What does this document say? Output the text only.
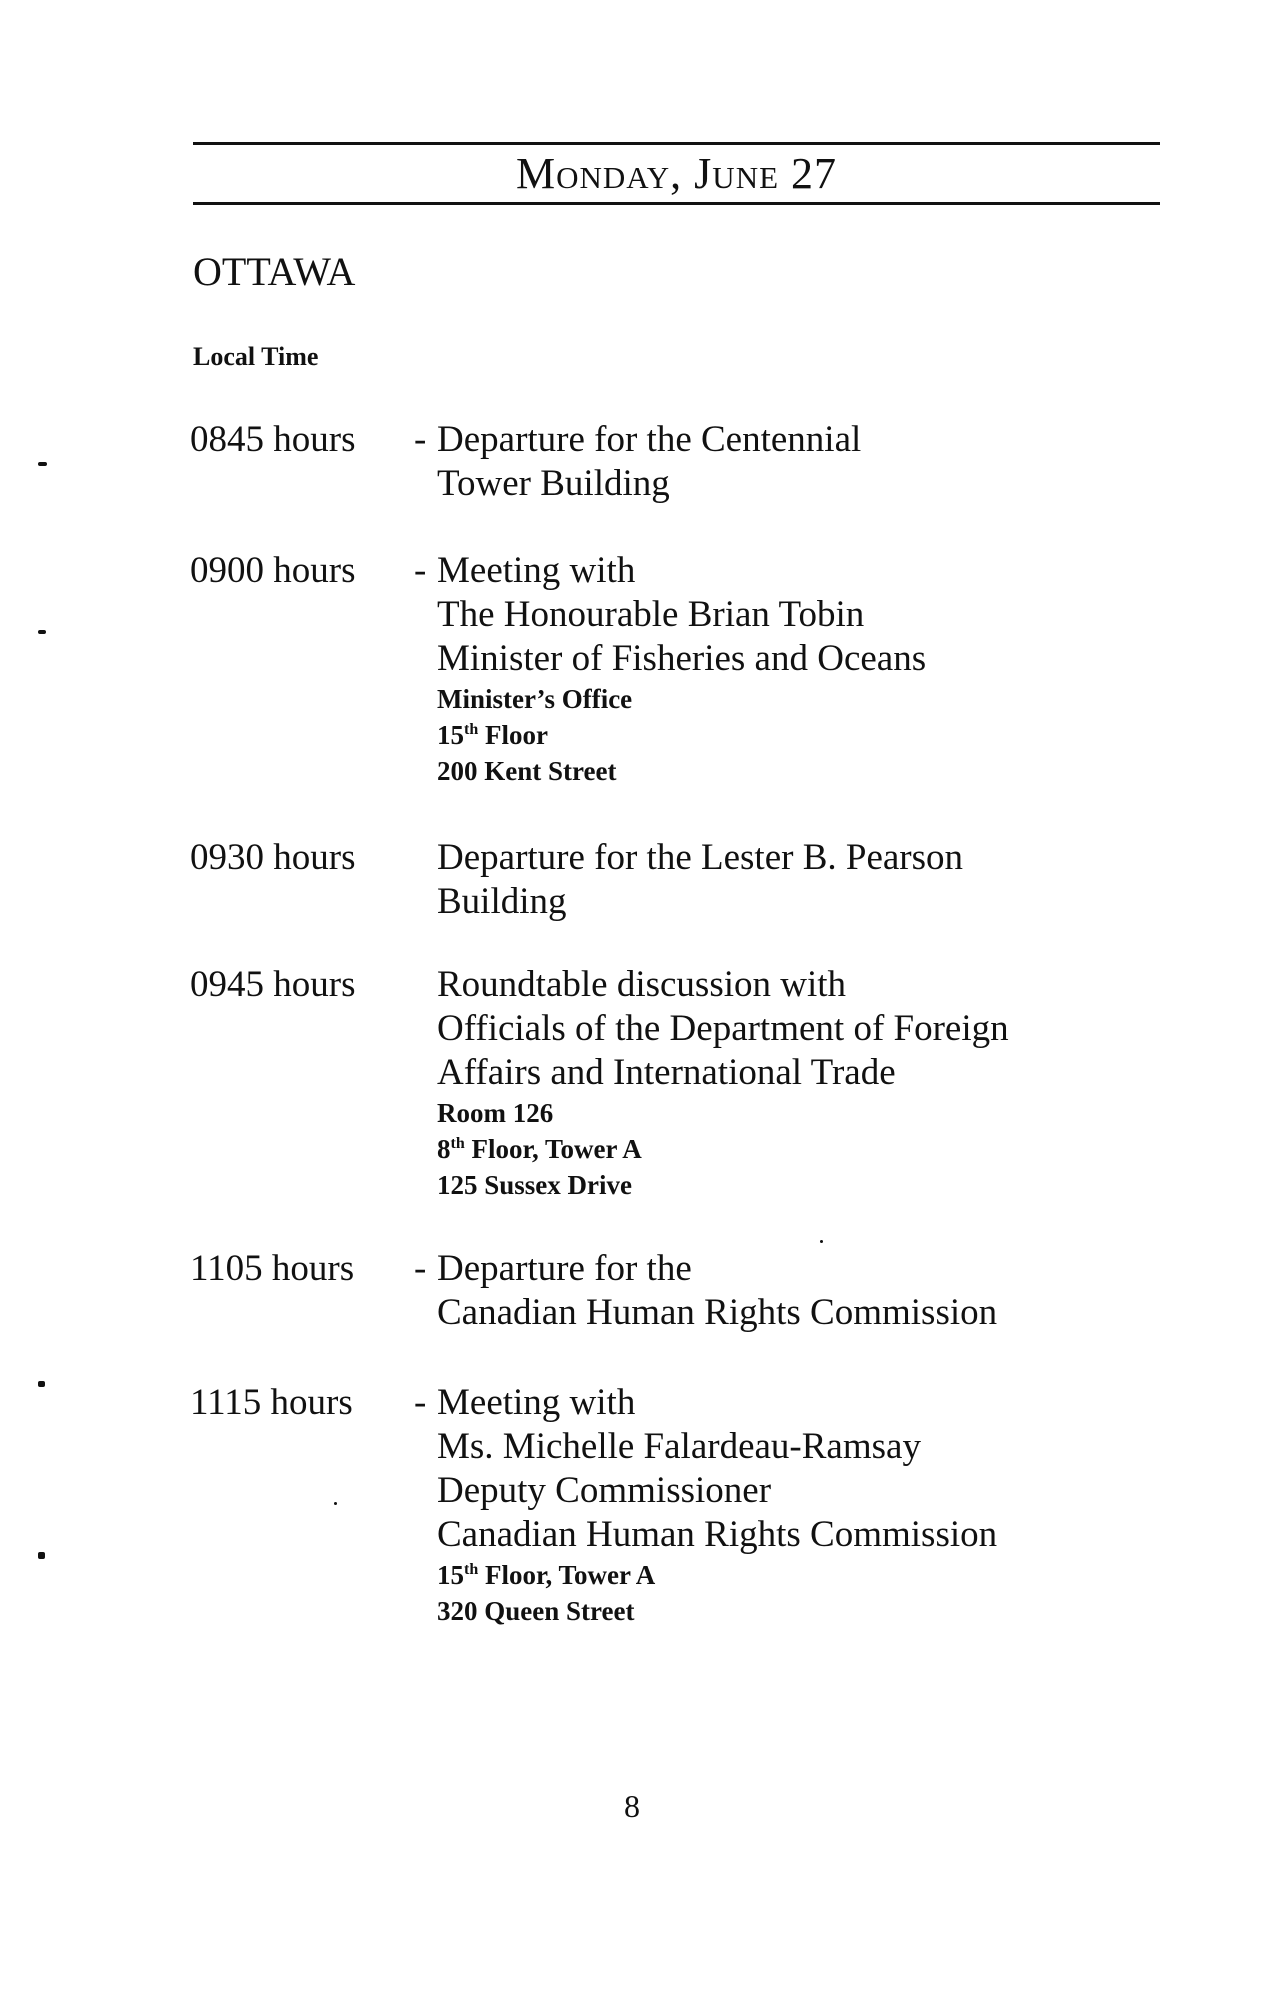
Monday, June 27
OTTAWA
Local Time
0845 hours - Departure for the Centennial
Tower Building
0900 hours - Meeting with
The Honourable Brian Tobin
Minister of Fisheries and Oceans
Minister’s Office
15th Floor
200 Kent Street
0930 hours Departure for the Lester B. Pearson
Building
0945 hours Roundtable discussion with
Officials of the Department of Foreign
Affairs and International Trade
Room 126
8th Floor, Tower A
125 Sussex Drive
1105 hours - Departure for the
Canadian Human Rights Commission
1115 hours - Meeting with
Ms. Michelle Falardeau-Ramsay
Deputy Commissioner
Canadian Human Rights Commission
15th Floor, Tower A
320 Queen Street
8
